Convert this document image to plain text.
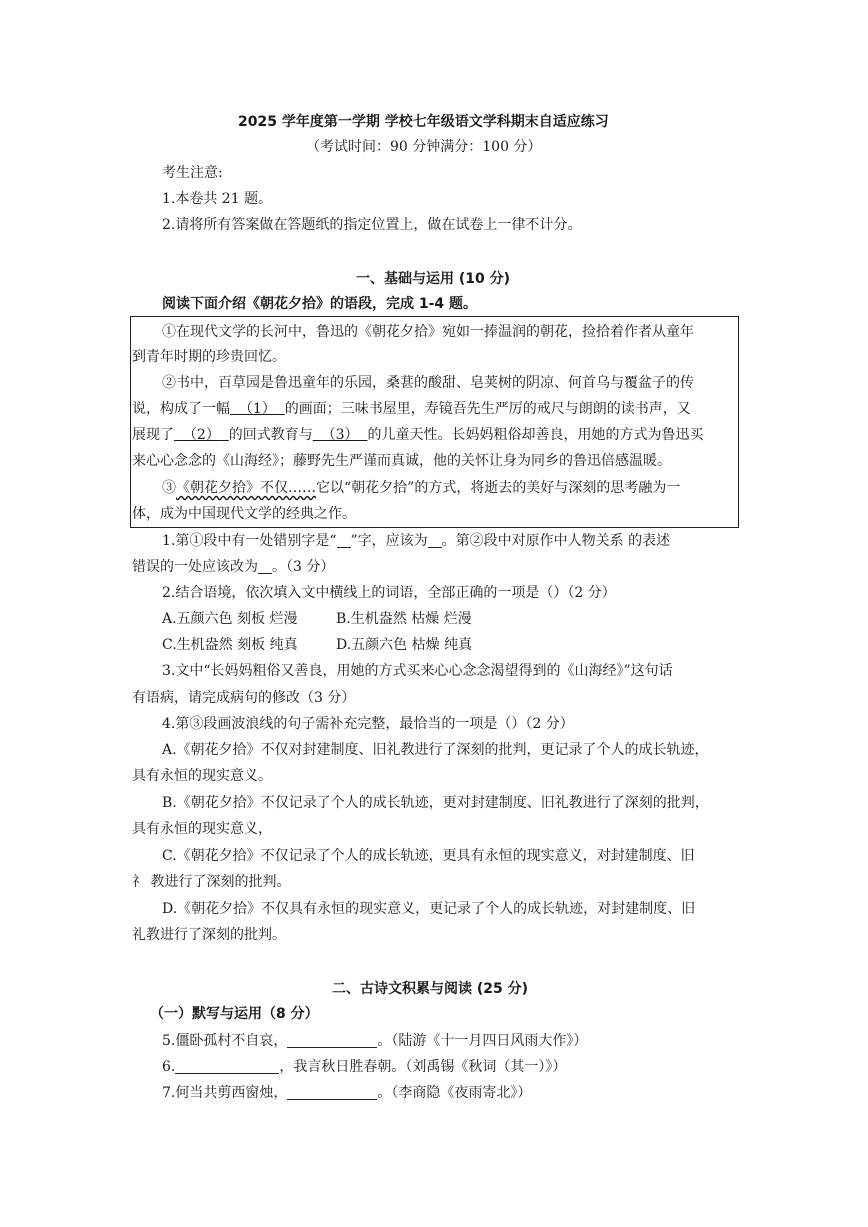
2025 学年度第一学期 学校七年级语文学科期末自适应练习
（考试时间：90 分钟满分：100 分）
考生注意:
1.本卷共 21 题。
2.请将所有答案做在答题纸的指定位置上，做在试卷上一律不计分。
一、基础与运用 (10 分)
阅读下面介绍《朝花夕拾》的语段，完成 1-4 题。
①在现代文学的长河中，鲁迅的《朝花夕拾》宛如一捧温润的朝花，捡拾着作者从童年
到青年时期的珍贵回忆。
②书中，百草园是鲁迅童年的乐园，桑葚的酸甜、皂荚树的阴凉、何首乌与覆盆子的传
说，构成了一幅 （1） 的画面；三味书屋里，寿镜吾先生严厉的戒尺与朗朗的读书声，又
展现了 （2） 的回式教育与 （3） 的儿童天性。长妈妈粗俗却善良，用她的方式为鲁迅买
来心心念念的《山海经》；藤野先生严谨而真诚，他的关怀让身为同乡的鲁迅倍感温暖。
③《朝花夕拾》不仅……它以“朝花夕拾”的方式，将逝去的美好与深刻的思考融为一
体，成为中国现代文学的经典之作。
1.第①段中有一处错别字是“ ”字，应该为 。第②段中对原作中人物关系 的表述
错误的一处应该改为 。（3 分）
2.结合语境，依次填入文中横线上的词语，全部正确的一项是（）（2 分）
A.五颜六色 刻板 烂漫	B.生机盎然 枯燥 烂漫
C.生机盎然 刻板 纯真	D.五颜六色 枯燥 纯真
3.文中“长妈妈粗俗又善良，用她的方式买来心心念念渴望得到的《山海经》”这句话
有语病，请完成病句的修改（3 分）
4.第③段画波浪线的句子需补充完整，最恰当的一项是（）（2 分）
A.《朝花夕拾》不仅对封建制度、旧礼教进行了深刻的批判，更记录了个人的成长轨迹，
具有永恒的现实意义。
B.《朝花夕拾》不仅记录了个人的成长轨迹，更对封建制度、旧礼教进行了深刻的批判，
具有永恒的现实意义，
C.《朝花夕拾》不仅记录了个人的成长轨迹，更具有永恒的现实意义，对封建制度、旧
礻 教进行了深刻的批判。
D.《朝花夕拾》不仅具有永恒的现实意义，更记录了个人的成长轨迹，对封建制度、旧
礼教进行了深刻的批判。
二、古诗文积累与阅读 (25 分)
（一）默写与运用（8 分）
5.僵卧孤村不自哀，	。（陆游《十一月四日风雨大作》）
6.	，我言秋日胜春朝。（刘禹锡《秋词（其一）》）
7.何当共剪西窗烛，	。（李商隐《夜雨寄北》）
